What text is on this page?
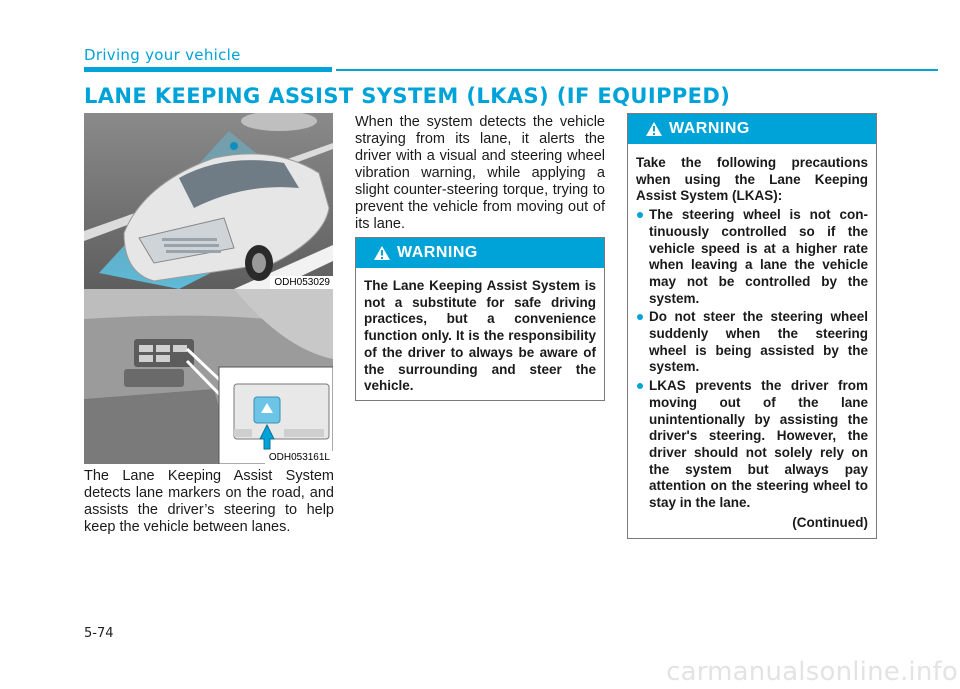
Driving your vehicle
LANE KEEPING ASSIST SYSTEM (LKAS) (IF EQUIPPED)
ODH053029
ODH053161L
The Lane Keeping Assist System detects lane markers on the road, and assists the driver’s steering to help keep the vehicle between lanes.
When the system detects the vehicle straying from its lane, it alerts the driver with a visual and steering wheel vibration warning, while applying a slight counter-steering torque, trying to prevent the vehicle from moving out of its lane.
WARNING
The Lane Keeping Assist System is not a substitute for safe driving practices, but a convenience function only. It is the responsibility of the driver to always be aware of the surrounding and steer the vehicle.
WARNING
Take the following precautions when using the Lane Keeping Assist System (LKAS):
The steering wheel is not continuously controlled so if the vehicle speed is at a higher rate when leaving a lane the vehicle may not be controlled by the system.
Do not steer the steering wheel suddenly when the steering wheel is being assisted by the system.
LKAS prevents the driver from moving out of the lane unintentionally by assisting the driver's steering. However, the driver should not solely rely on the system but always pay attention on the steering wheel to stay in the lane.
(Continued)
5-74
carmanualsonline.info
